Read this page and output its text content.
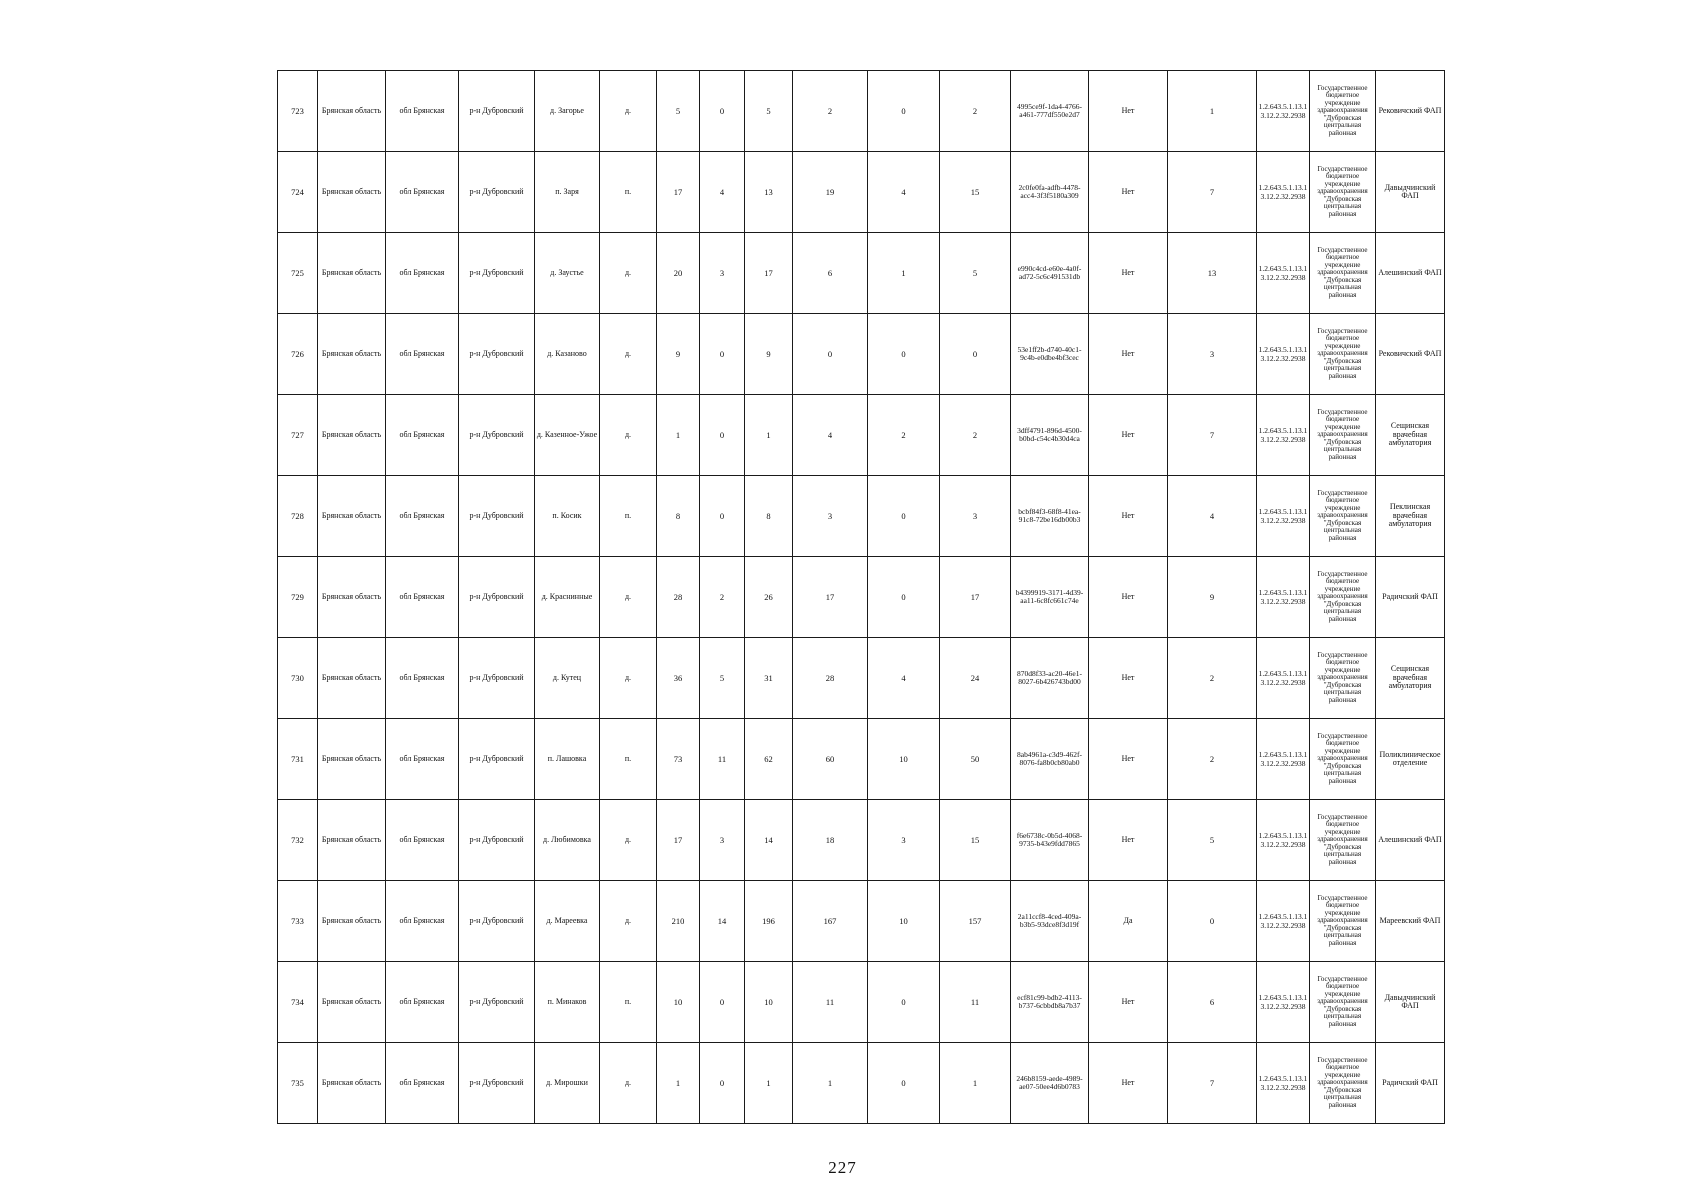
723	Брянская область	обл Брянская	р-н Дубровский	д. Загорье	д.	5	0	5	2	0	2	4995ce9f-1da4-4766-a461-777df550e2d7	Нет	1	1.2.643.5.1.13.13.12.2.32.2938	Государственное бюджетное учреждение здравоохранения "Дубровская центральная районная	Рековичский ФАП
724	Брянская область	обл Брянская	р-н Дубровский	п. Заря	п.	17	4	13	19	4	15	2c0fe0fa-adfb-4478-acc4-3f3f5180a309	Нет	7	1.2.643.5.1.13.13.12.2.32.2938	Государственное бюджетное учреждение здравоохранения "Дубровская центральная районная	Давыдчинский ФАП
725	Брянская область	обл Брянская	р-н Дубровский	д. Заустье	д.	20	3	17	6	1	5	e990c4cd-e60e-4a0f-ad72-5c6c491531db	Нет	13	1.2.643.5.1.13.13.12.2.32.2938	Государственное бюджетное учреждение здравоохранения "Дубровская центральная районная	Алешинский ФАП
726	Брянская область	обл Брянская	р-н Дубровский	д. Казаново	д.	9	0	9	0	0	0	53e1ff2b-d740-40c1-9c4b-e0dbe4bf3cec	Нет	3	1.2.643.5.1.13.13.12.2.32.2938	Государственное бюджетное учреждение здравоохранения "Дубровская центральная районная	Рековичский ФАП
727	Брянская область	обл Брянская	р-н Дубровский	д. Казенное-Ужое	д.	1	0	1	4	2	2	3dff4791-896d-4500-b0bd-c54c4b30d4ca	Нет	7	1.2.643.5.1.13.13.12.2.32.2938	Государственное бюджетное учреждение здравоохранения "Дубровская центральная районная	Сещинская врачебная амбулатория
728	Брянская область	обл Брянская	р-н Дубровский	п. Косик	п.	8	0	8	3	0	3	bcbf84f3-68f8-41ea-91c8-72be16db00b3	Нет	4	1.2.643.5.1.13.13.12.2.32.2938	Государственное бюджетное учреждение здравоохранения "Дубровская центральная районная	Пеклинская врачебная амбулатория
729	Брянская область	обл Брянская	р-н Дубровский	д. Краснинные	д.	28	2	26	17	0	17	b4399919-3171-4d39-aa11-6c8fc661c74e	Нет	9	1.2.643.5.1.13.13.12.2.32.2938	Государственное бюджетное учреждение здравоохранения "Дубровская центральная районная	Радичский ФАП
730	Брянская область	обл Брянская	р-н Дубровский	д. Кутец	д.	36	5	31	28	4	24	870d8f33-ac20-46e1-8027-6b426743bd00	Нет	2	1.2.643.5.1.13.13.12.2.32.2938	Государственное бюджетное учреждение здравоохранения "Дубровская центральная районная	Сещинская врачебная амбулатория
731	Брянская область	обл Брянская	р-н Дубровский	п. Лашовка	п.	73	11	62	60	10	50	8ab4961a-c3d9-462f-8076-fa8b0cb80ab0	Нет	2	1.2.643.5.1.13.13.12.2.32.2938	Государственное бюджетное учреждение здравоохранения "Дубровская центральная районная	Поликлиническое отделение
732	Брянская область	обл Брянская	р-н Дубровский	д. Любимовка	д.	17	3	14	18	3	15	f6e6738c-0b5d-4068-9735-b43e9fdd7865	Нет	5	1.2.643.5.1.13.13.12.2.32.2938	Государственное бюджетное учреждение здравоохранения "Дубровская центральная районная	Алешинский ФАП
733	Брянская область	обл Брянская	р-н Дубровский	д. Мареевка	д.	210	14	196	167	10	157	2a11ccf8-4ced-409a-b3b5-93dce8f3d19f	Да	0	1.2.643.5.1.13.13.12.2.32.2938	Государственное бюджетное учреждение здравоохранения "Дубровская центральная районная	Мареевский ФАП
734	Брянская область	обл Брянская	р-н Дубровский	п. Минаков	п.	10	0	10	11	0	11	ecf81c99-bdb2-4113-b737-6cbbdb8a7b37	Нет	6	1.2.643.5.1.13.13.12.2.32.2938	Государственное бюджетное учреждение здравоохранения "Дубровская центральная районная	Давыдчинский ФАП
735	Брянская область	обл Брянская	р-н Дубровский	д. Мирошки	д.	1	0	1	1	0	1	246b8159-aede-4989-ae07-50ee4d6b0783	Нет	7	1.2.643.5.1.13.13.12.2.32.2938	Государственное бюджетное учреждение здравоохранения "Дубровская центральная районная	Радичский ФАП
227
